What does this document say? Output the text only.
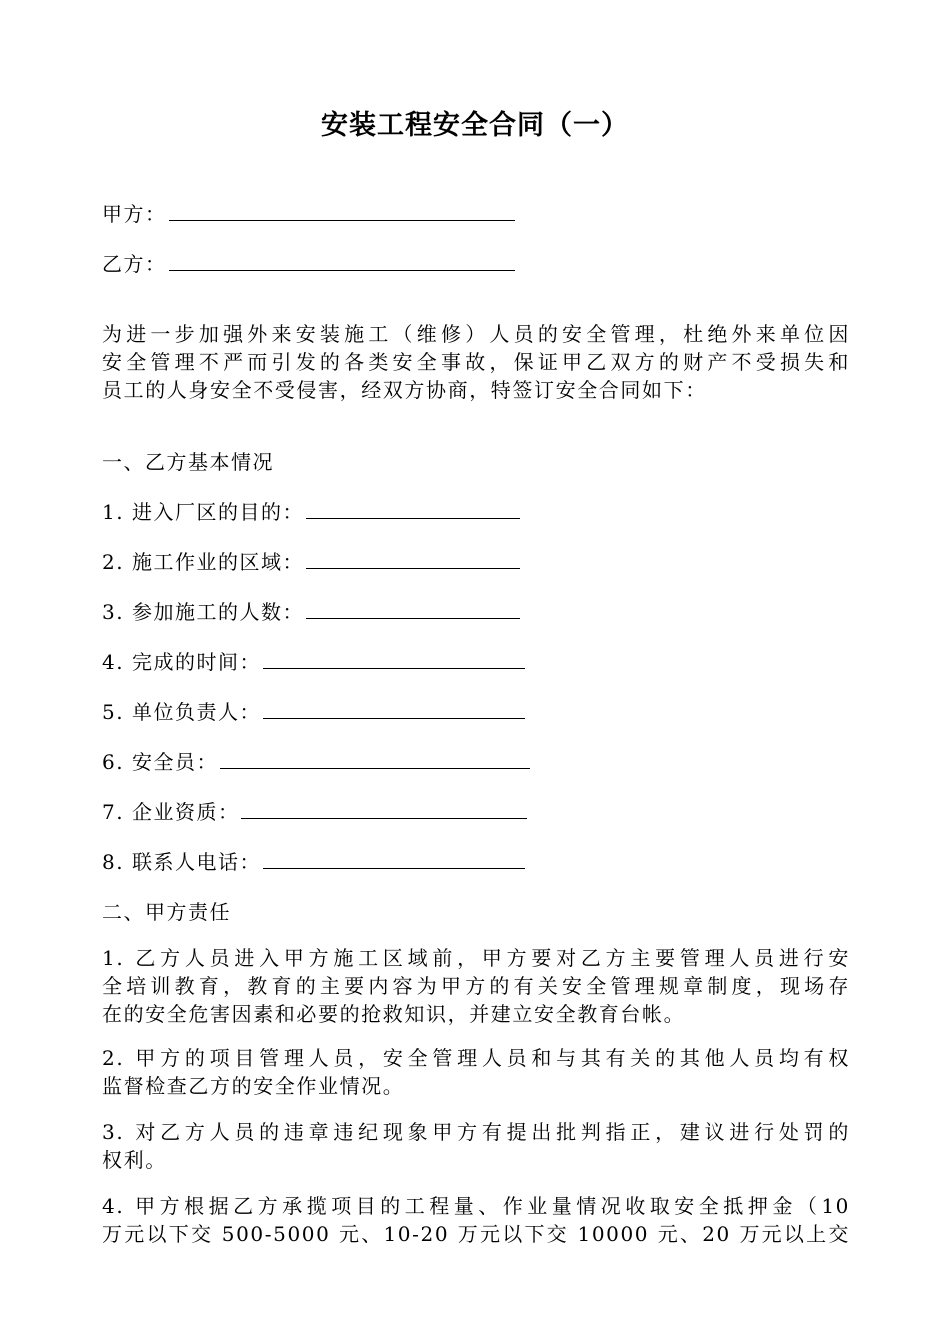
安装工程安全合同（一）
甲方：
乙方：
为进一步加强外来安装施工（维修）人员的安全管理，杜绝外来单位因
安全管理不严而引发的各类安全事故，保证甲乙双方的财产不受损失和
员工的人身安全不受侵害，经双方协商，特签订安全合同如下：
一、乙方基本情况
1. 进入厂区的目的：
2. 施工作业的区域：
3. 参加施工的人数：
4. 完成的时间：
5. 单位负责人：
6. 安全员：
7. 企业资质：
8. 联系人电话：
二、甲方责任
1. 乙方人员进入甲方施工区域前，甲方要对乙方主要管理人员进行安
全培训教育，教育的主要内容为甲方的有关安全管理规章制度，现场存
在的安全危害因素和必要的抢救知识，并建立安全教育台帐。
2. 甲方的项目管理人员，安全管理人员和与其有关的其他人员均有权
监督检查乙方的安全作业情况。
3. 对乙方人员的违章违纪现象甲方有提出批判指正，建议进行处罚的
权利。
4. 甲方根据乙方承揽项目的工程量、作业量情况收取安全抵押金（10
万元以下交 500-5000 元、10-20 万元以下交 10000 元、20 万元以上交
